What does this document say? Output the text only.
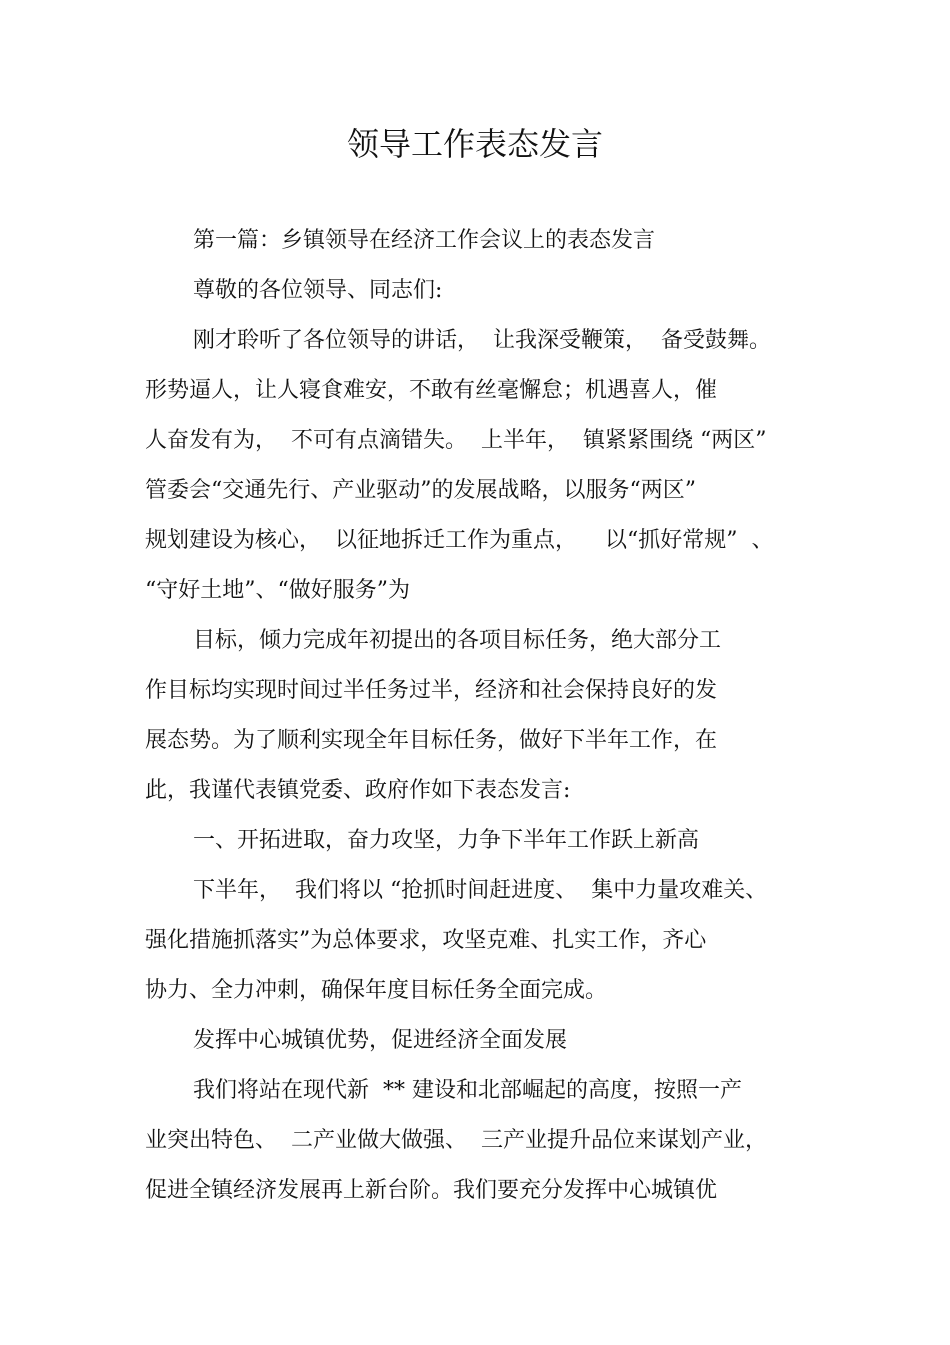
领导工作表态发言
第一篇：乡镇领导在经济工作会议上的表态发言
尊敬的各位领导、同志们:
刚才聆听了各位领导的讲话，  让我深受鞭策，  备受鼓舞。
形势逼人，让人寝食难安，不敢有丝毫懈怠；机遇喜人，催
人奋发有为，  不可有点滴错失。  上半年，  镇紧紧围绕 “两区”
管委会“交通先行、产业驱动”的发展战略，以服务“两区”
规划建设为核心，  以征地拆迁工作为重点，    以“抓好常规”  、
“守好土地”、“做好服务”为
目标，倾力完成年初提出的各项目标任务，绝大部分工
作目标均实现时间过半任务过半，经济和社会保持良好的发
展态势。为了顺利实现全年目标任务，做好下半年工作，在
此，我谨代表镇党委、政府作如下表态发言:
一、开拓进取，奋力攻坚，力争下半年工作跃上新高
下半年，  我们将以 “抢抓时间赶进度、  集中力量攻难关、
强化措施抓落实”为总体要求，攻坚克难、扎实工作，齐心
协力、全力冲刺，确保年度目标任务全面完成。
发挥中心城镇优势，促进经济全面发展
我们将站在现代新  ** 建设和北部崛起的高度，按照一产
业突出特色、  二产业做大做强、  三产业提升品位来谋划产业，
促进全镇经济发展再上新台阶。我们要充分发挥中心城镇优
